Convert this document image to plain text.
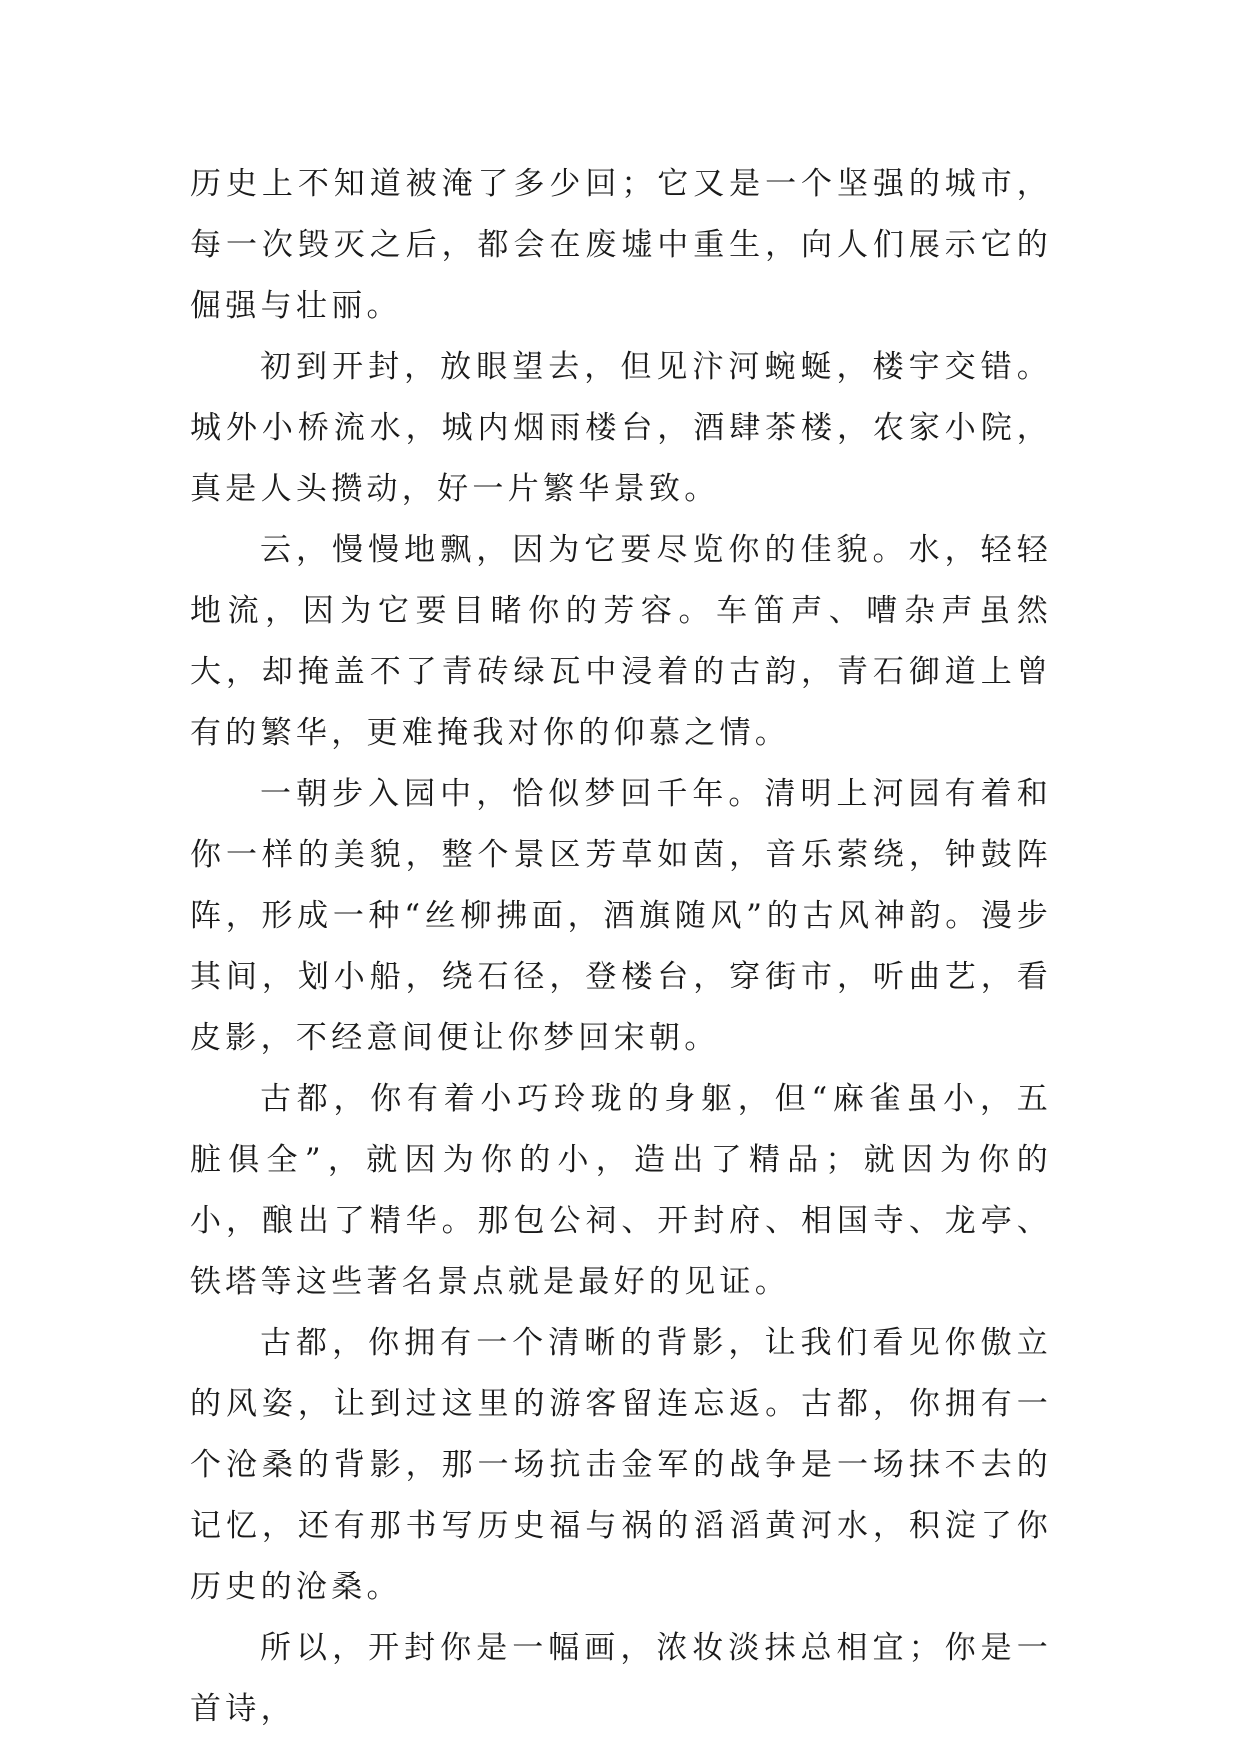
历史上不知道被淹了多少回；它又是一个坚强的城市，每一次毁灭之后，都会在废墟中重生，向人们展示它的倔强与壮丽。

初到开封，放眼望去，但见汴河蜿蜒，楼宇交错。城外小桥流水，城内烟雨楼台，酒肆茶楼，农家小院，真是人头攒动，好一片繁华景致。

云，慢慢地飘，因为它要尽览你的佳貌。水，轻轻地流，因为它要目睹你的芳容。车笛声、嘈杂声虽然大，却掩盖不了青砖绿瓦中浸着的古韵，青石御道上曾有的繁华，更难掩我对你的仰慕之情。

一朝步入园中，恰似梦回千年。清明上河园有着和你一样的美貌，整个景区芳草如茵，音乐萦绕，钟鼓阵阵，形成一种“丝柳拂面，酒旗随风”的古风神韵。漫步其间，划小船，绕石径，登楼台，穿街市，听曲艺，看皮影，不经意间便让你梦回宋朝。

古都，你有着小巧玲珑的身躯，但“麻雀虽小，五脏俱全”，就因为你的小，造出了精品；就因为你的小，酿出了精华。那包公祠、开封府、相国寺、龙亭、铁塔等这些著名景点就是最好的见证。

古都，你拥有一个清晰的背影，让我们看见你傲立的风姿，让到过这里的游客留连忘返。古都，你拥有一个沧桑的背影，那一场抗击金军的战争是一场抹不去的记忆，还有那书写历史福与祸的滔滔黄河水，积淀了你历史的沧桑。

所以，开封你是一幅画，浓妆淡抹总相宜；你是一首诗，
